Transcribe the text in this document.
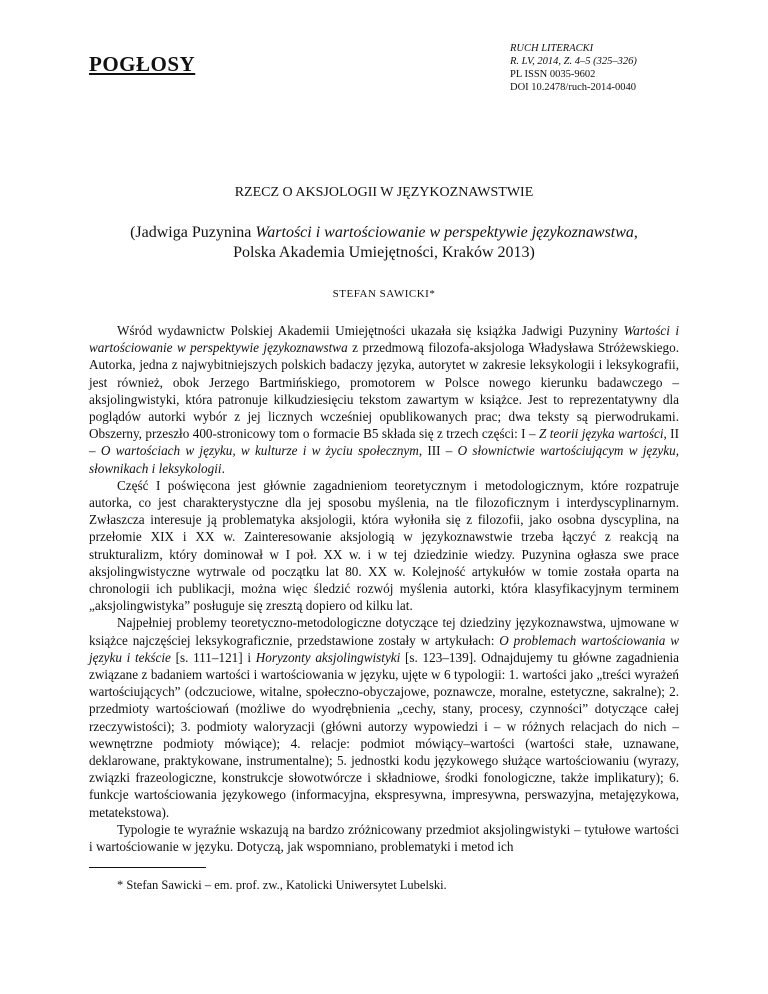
POGŁOSY
RUCH LITERACKI
R. LV, 2014, Z. 4–5 (325–326)
PL ISSN 0035-9602
DOI 10.2478/ruch-2014-0040
RZECZ O AKSJOLOGII W JĘZYKOZNAWSTWIE
(Jadwiga Puzynina Wartości i wartościowanie w perspektywie językoznawstwa,
Polska Akademia Umiejętności, Kraków 2013)
STEFAN SAWICKI*

Wśród wydawnictw Polskiej Akademii Umiejętności ukazała się książka Jadwigi Puzyniny Wartości i wartościowanie w perspektywie językoznawstwa z przedmową filozofa-aksjologa Władysława Stróżewskiego. Autorka, jedna z najwybitniejszych polskich badaczy języka, autorytet w zakresie leksykologii i leksykografii, jest również, obok Jerzego Bartmińskiego, promotorem w Polsce nowego kierunku badawczego – aksjolingwistyki, która patronuje kilkudziesięciu tekstom zawartym w książce. Jest to reprezentatywny dla poglądów autorki wybór z jej licznych wcześniej opublikowanych prac; dwa teksty są pierwodrukami. Obszerny, przeszło 400-stronicowy tom o formacie B5 składa się z trzech części: I – Z teorii języka wartości, II – O wartościach w języku, w kulturze i w życiu społecznym, III – O słownictwie wartościującym w języku, słownikach i leksykologii.

Część I poświęcona jest głównie zagadnieniom teoretycznym i metodologicznym, które rozpatruje autorka, co jest charakterystyczne dla jej sposobu myślenia, na tle filozoficznym i interdyscyplinarnym. Zwłaszcza interesuje ją problematyka aksjologii, która wyłoniła się z filozofii, jako osobna dyscyplina, na przełomie XIX i XX w. Zainteresowanie aksjologią w językoznawstwie trzeba łączyć z reakcją na strukturalizm, który dominował w I poł. XX w. i w tej dziedzinie wiedzy. Puzynina ogłasza swe prace aksjolingwistyczne wytrwale od początku lat 80. XX w. Kolejność artykułów w tomie została oparta na chronologii ich publikacji, można więc śledzić rozwój myślenia autorki, która klasyfikacyjnym terminem „aksjolingwistyka” posługuje się zresztą dopiero od kilku lat.

Najpełniej problemy teoretyczno-metodologiczne dotyczące tej dziedziny językoznawstwa, ujmowane w książce najczęściej leksykograficznie, przedstawione zostały w artykułach: O problemach wartościowania w języku i tekście [s. 111–121] i Horyzonty aksjolingwistyki [s. 123–139]. Odnajdujemy tu główne zagadnienia związane z badaniem wartości i wartościowania w języku, ujęte w 6 typologii: 1. wartości jako „treści wyrażeń wartościujących” (odczuciowe, witalne, społeczno-obyczajowe, poznawcze, moralne, estetyczne, sakralne); 2. przedmioty wartościowań (możliwe do wyodrębnienia „cechy, stany, procesy, czynności” dotyczące całej rzeczywistości); 3. podmioty waloryzacji (główni autorzy wypowiedzi i – w różnych relacjach do nich – wewnętrzne podmioty mówiące); 4. relacje: podmiot mówiący–wartości (wartości stałe, uznawane, deklarowane, praktykowane, instrumentalne); 5. jednostki kodu językowego służące wartościowaniu (wyrazy, związki frazeologiczne, konstrukcje słowotwórcze i składniowe, środki fonologiczne, także implikatury); 6. funkcje wartościowania językowego (informacyjna, ekspresywna, impresywna, perswazyjna, metajęzykowa, metatekstowa).

Typologie te wyraźnie wskazują na bardzo zróżnicowany przedmiot aksjolingwistyki – tytułowe wartości i wartościowanie w języku. Dotyczą, jak wspomniano, problematyki i metod ich

* Stefan Sawicki – em. prof. zw., Katolicki Uniwersytet Lubelski.
